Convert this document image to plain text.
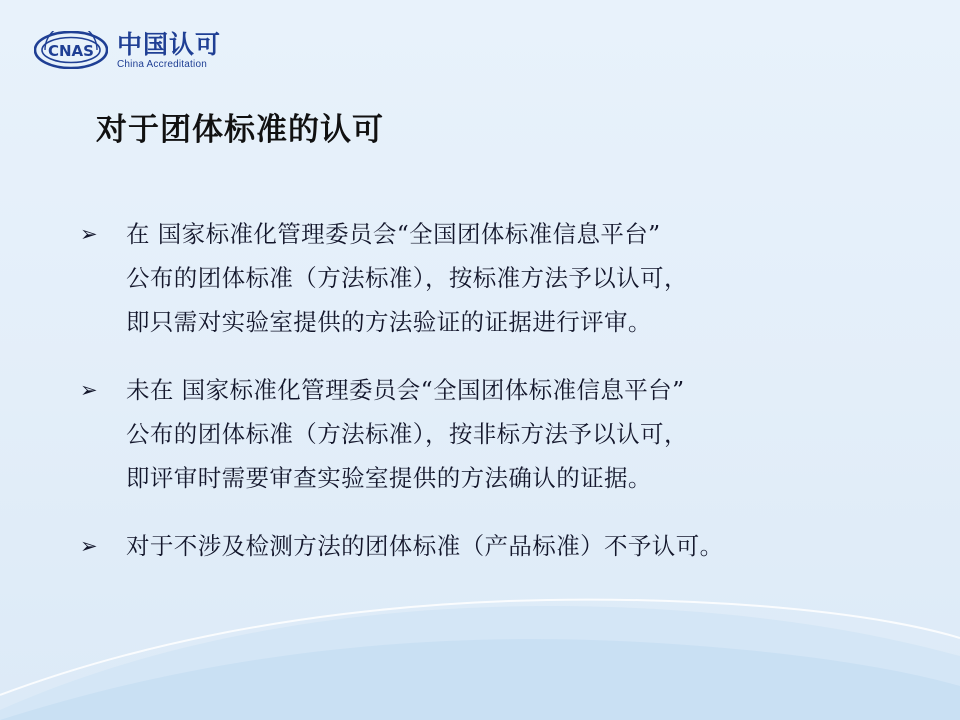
CNAS 中国认可
China Accreditation
对于团体标准的认可
➢	在 国家标准化管理委员会“全国团体标准信息平台”
公布的团体标准（方法标准），按标准方法予以认可，
即只需对实验室提供的方法验证的证据进行评审。
➢	未在 国家标准化管理委员会“全国团体标准信息平台”
公布的团体标准（方法标准），按非标方法予以认可，
即评审时需要审查实验室提供的方法确认的证据。
➢	对于不涉及检测方法的团体标准（产品标准）不予认可。
